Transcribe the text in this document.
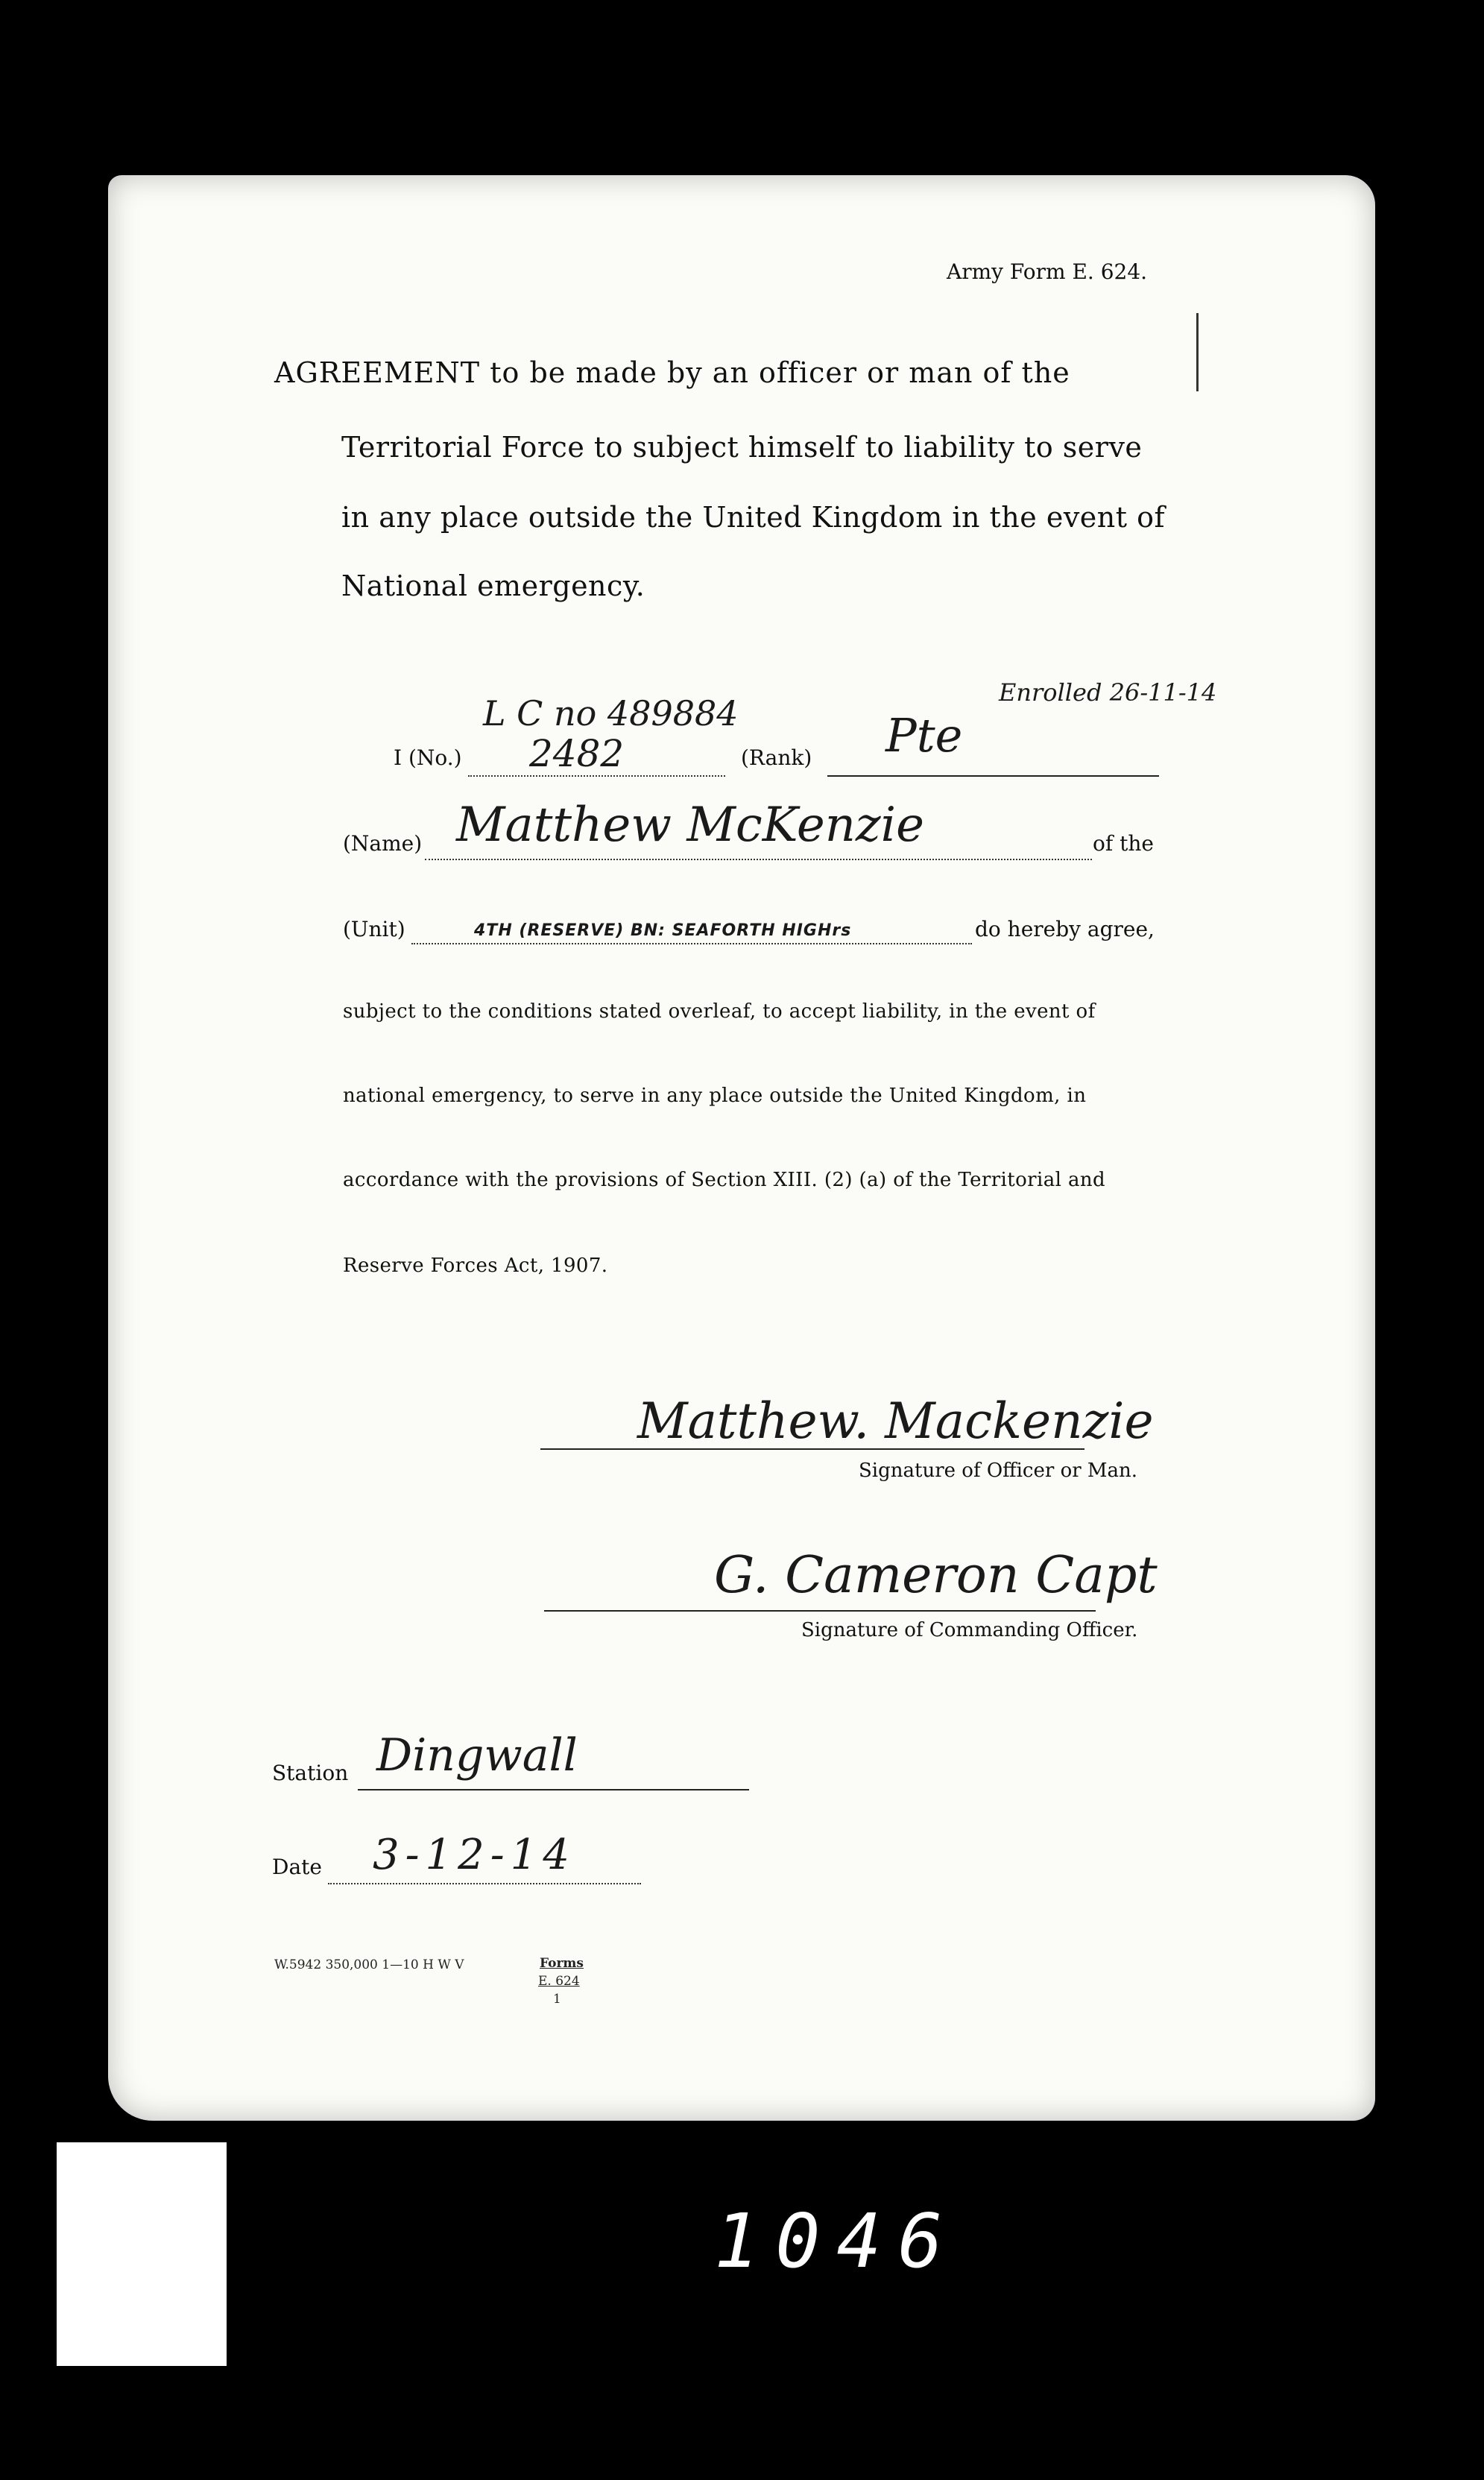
Army Form E. 624.
AGREEMENT to be made by an officer or man of the
Territorial Force to subject himself to liability to serve
in any place outside the United Kingdom in the event of
National emergency.
L C no 489884
Enrolled 26-11-14
I (No.) 2482	(Rank) Pte
(Name) Matthew McKenzie	of the
(Unit)	4TH (RESERVE) BN: SEAFORTH HIGHrs	do hereby agree,
subject to the conditions stated overleaf, to accept liability, in the event of
national emergency, to serve in any place outside the United Kingdom, in
accordance with the provisions of Section XIII. (2) (a) of the Territorial and
Reserve Forces Act, 1907.
Matthew. Mackenzie
Signature of Officer or Man.
G. Cameron Capt
Signature of Commanding Officer.
Station Dingwall
Date 3-12-14
W.5942 350,000 1—10 H W V	Forms
E. 624
1
1046
